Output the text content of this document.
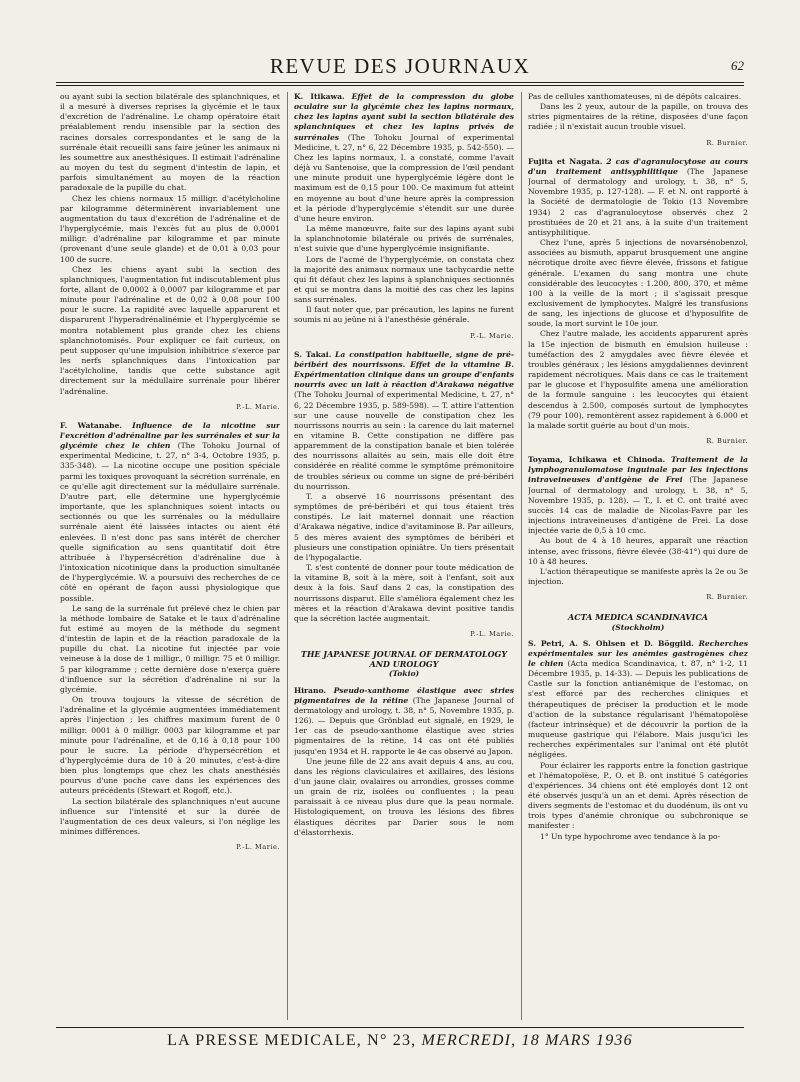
REVUE DES JOURNAUX	62

ou ayant subi la section bilatérale des splanchniques, et il a mesuré à diverses reprises la glycémie et le taux d'excrétion de l'adrénaline. Le champ opératoire était préalablement rendu insensible par la section des racines dorsales correspondantes et le sang de la surrénale était recueilli sans faire jeûner les animaux ni les soumettre aux anesthésiques. Il estimait l'adrénaline au moyen du test du segment d'intestin de lapin, et parfois simultanément au moyen de la réaction paradoxale de la pupille du chat.

Chez les chiens normaux 15 milligr. d'acétylcholine par kilogramme déterminèrent invariablement une augmentation du taux d'excrétion de l'adrénaline et de l'hyperglycémie, mais l'excès fut au plus de 0,0001 milligr. d'adrénaline par kilogramme et par minute (provenant d'une seule glande) et de 0,01 à 0,03 pour 100 de sucre.

Chez les chiens ayant subi la section des splanchniques, l'augmentation fut indiscutablement plus forte, allant de 0,0002 à 0,0007 par kilogramme et par minute pour l'adrénaline et de 0,02 à 0,08 pour 100 pour le sucre. La rapidité avec laquelle apparurent et disparurent l'hyperadrénalinémie et l'hyperglycémie se montra notablement plus grande chez les chiens splanchnotomisés. Pour expliquer ce fait curieux, on peut supposer qu'une impulsion inhibitrice s'exerce par les nerfs splanchniques dans l'intoxication par l'acétylcholine, tandis que cette substance agit directement sur la médullaire surrénale pour libérer l'adrénaline.

P.-L. Marie.

F. Watanabe. Influence de la nicotine sur l'excrétion d'adrénaline par les surrénales et sur la glycémie chez le chien (The Tohoku Journal of experimental Medicine, t. 27, n° 3-4, Octobre 1935, p. 335-348). — La nicotine occupe une position spéciale parmi les toxiques provoquant la sécrétion surrénale, en ce qu'elle agit directement sur la médullaire surrénale. D'autre part, elle détermine une hyperglycémie importante, que les splanchniques soient intacts ou sectionnés ou que les surrénales ou la médullaire surrénale aient été laissées intactes ou aient été enlevées. Il n'est donc pas sans intérêt de chercher quelle signification au sens quantitatif doit être attribuée à l'hypersécrétion d'adrénaline due à l'intoxication nicotinique dans la production simultanée de l'hyperglycémie. W. a poursuivi des recherches de ce côté en opérant de façon aussi physiologique que possible.

Le sang de la surrénale fut prélevé chez le chien par la méthode lombaire de Satake et le taux d'adrénaline fut estimé au moyen de la méthode du segment d'intestin de lapin et de la réaction paradoxale de la pupille du chat. La nicotine fut injectée par voie veineuse à la dose de 1 milligr., 0 milligr. 75 et 0 milligr. 5 par kilogramme ; cette dernière dose n'exerça guère d'influence sur la sécrétion d'adrénaline ni sur la glycémie.

On trouva toujours la vitesse de sécrétion de l'adrénaline et la glycémie augmentées immédiatement après l'injection ; les chiffres maximum furent de 0 milligr. 0001 à 0 milligr. 0003 par kilogramme et par minute pour l'adrénaline, et de 0,16 à 0,18 pour 100 pour le sucre. La période d'hypersécrétion et d'hyperglycémie dura de 10 à 20 minutes, c'est-à-dire bien plus longtemps que chez les chats anesthésiés pourvus d'une poche cave dans les expériences des auteurs précédents (Stewart et Rogoff, etc.).

La section bilatérale des splanchniques n'eut aucune influence sur l'intensité et sur la durée de l'augmentation de ces deux valeurs, si l'on néglige les minimes différences.

P.-L. Marie.

K. Itikawa. Effet de la compression du globe oculaire sur la glycémie chez les lapins normaux, chez les lapins ayant subi la section bilatérale des splanchniques et chez les lapins privés de surrénales (The Tohoku Journal of experimental Medicine, t. 27, n° 6, 22 Décembre 1935, p. 542-550). — Chez les lapins normaux, I. a constaté, comme l'avait déjà vu Santenoise, que la compression de l'œil pendant une minute produit une hyperglycémie légère dont le maximum est de 0,15 pour 100. Ce maximum fut atteint en moyenne au bout d'une heure après la compression et la période d'hyperglycémie s'étendit sur une durée d'une heure environ.

La même manœuvre, faite sur des lapins ayant subi la splanchnotomie bilatérale ou privés de surrénales, n'est suivie que d'une hyperglycémie insignifiante.

Lors de l'acmé de l'hyperglycémie, on constata chez la majorité des animaux normaux une tachycardie nette qui fit défaut chez les lapins à splanchniques sectionnés et qui se montra dans la moitié des cas chez les lapins sans surrénales.

Il faut noter que, par précaution, les lapins ne furent soumis ni au jeûne ni à l'anesthésie générale.

P.-L. Marie.

S. Takai. La constipation habituelle, signe de pré-béribéri des nourrissons. Effet de la vitamine B. Expérimentation clinique dans un groupe d'enfants nourris avec un lait à réaction d'Arakawa négative (The Tohoku Journal of experimental Medicine, t. 27, n° 6, 22 Décembre 1935, p. 589-598). — T. attire l'attention sur une cause nouvelle de constipation chez les nourrissons nourris au sein : la carence du lait maternel en vitamine B. Cette constipation ne diffère pas apparemment de la constipation banale et bien tolérée des nourrissons allaités au sein, mais elle doit être considérée en réalité comme le symptôme prémonitoire de troubles sérieux ou comme un signe de pré-béribéri du nourrisson.

T. a observé 16 nourrissons présentant des symptômes de pré-béribéri et qui tous étaient très constipés. Le lait maternel donnait une réaction d'Arakawa négative, indice d'avitaminose B. Par ailleurs, 5 des mères avaient des symptômes de béribéri et plusieurs une constipation opiniâtre. Un tiers présentait de l'hypogalactie.

T. s'est contenté de donner pour toute médication de la vitamine B, soit à la mère, soit à l'enfant, soit aux deux à la fois. Sauf dans 2 cas, la constipation des nourrissons disparut. Elle s'améliora également chez les mères et la réaction d'Arakawa devint positive tandis que la sécrétion lactée augmentait.

P.-L. Marie.

THE JAPANESE JOURNAL OF DERMATOLOGY AND UROLOGY

(Tokio)

Hirano. Pseudo-xanthome élastique avec stries pigmentaires de la rétine (The Japanese Journal of dermatology and urology, t. 38, n° 5, Novembre 1935, p. 126). — Depuis que Grönblad eut signalé, en 1929, le 1er cas de pseudo-xanthome élastique avec stries pigmentaires de la rétine, 14 cas ont été publiés jusqu'en 1934 et H. rapporte le 4e cas observé au Japon.

Une jeune fille de 22 ans avait depuis 4 ans, au cou, dans les régions claviculaires et axillaires, des lésions d'un jaune clair, ovalaires ou arrondies, grosses comme un grain de riz, isolées ou confluentes ; la peau paraissait à ce niveau plus dure que la peau normale. Histologiquement, on trouva les lésions des fibres élastiques décrites par Darier sous le nom d'élastorrhexis.

Pas de cellules xanthomateuses, ni de dépôts calcaires.

Dans les 2 yeux, autour de la papille, on trouva des stries pigmentaires de la rétine, disposées d'une façon radiée ; il n'existait aucun trouble visuel.

R. Burnier.

Fujita et Nagata. 2 cas d'agranulocytose au cours d'un traitement antisyphilitique (The Japanese Journal of dermatology and urology, t. 38, n° 5, Novembre 1935, p. 127-128). — F. et N. ont rapporté à la Société de dermatologie de Tokio (13 Novembre 1934) 2 cas d'agranulocytose observés chez 2 prostituées de 20 et 21 ans, à la suite d'un traitement antisyphilitique.

Chez l'une, après 5 injections de novarsénobenzol, associées au bismuth, apparut brusquement une angine nécrotique droite avec fièvre élevée, frissons et fatigue générale. L'examen du sang montra une chute considérable des leucocytes : 1.200, 800, 370, et même 100 à la veille de la mort ; il s'agissait presque exclusivement de lymphocytes. Malgré les transfusions de sang, les injections de glucose et d'hyposulfite de soude, la mort survint le 10e jour.

Chez l'autre malade, les accidents apparurent après la 15e injection de bismuth en émulsion huileuse : tuméfaction des 2 amygdales avec fièvre élevée et troubles généraux ; les lésions amygdaliennes devinrent rapidement nécrotiques. Mais dans ce cas le traitement par le glucose et l'hyposulfite amena une amélioration de la formule sanguine : les leucocytes qui étaient descendus à 2.500, composés surtout de lymphocytes (79 pour 100), remontèrent assez rapidement à 6.000 et la malade sortit guérie au bout d'un mois.

R. Burnier.

Toyama, Ichikawa et Chinoda. Traitement de la lymphogranulomatose inguinale par les injections intraveineuses d'antigène de Frei (The Japanese Journal of dermatology and urology, t. 38, n° 5, Novembre 1935, p. 128). — T., I. et C. ont traité avec succès 14 cas de maladie de Nicolas-Favre par les injections intraveineuses d'antigène de Frei. La dose injectée varie de 0,5 à 10 cmc.

Au bout de 4 à 18 heures, apparaît une réaction intense, avec frissons, fièvre élevée (38-41°) qui dure de 10 à 48 heures.

L'action thérapeutique se manifeste après la 2e ou 3e injection.

R. Burnier.

ACTA MEDICA SCANDINAVICA

(Stockholm)

S. Petri, A. S. Ohlsen et D. Böggild. Recherches expérimentales sur les anémies gastrogènes chez le chien (Acta medica Scandinavica, t. 87, n° 1-2, 11 Décembre 1935, p. 14-33). — Depuis les publications de Castle sur la fonction antianémique de l'estomac, on s'est efforcé par des recherches cliniques et thérapeutiques de préciser la production et le mode d'action de la substance régularisant l'hématopoïèse (facteur intrinsèque) et de découvrir la portion de la muqueuse gastrique qui l'élabore. Mais jusqu'ici les recherches expérimentales sur l'animal ont été plutôt négligées.

Pour éclairer les rapports entre la fonction gastrique et l'hématopoïèse, P., O. et B. ont institué 5 catégories d'expériences. 34 chiens ont été employés dont 12 ont été observés jusqu'à un an et demi. Après résection de divers segments de l'estomac et du duodénum, ils ont vu trois types d'anémie chronique ou subchronique se manifester :

1° Un type hypochrome avec tendance à la po-

LA PRESSE MEDICALE, N° 23, MERCREDI, 18 MARS 1936
